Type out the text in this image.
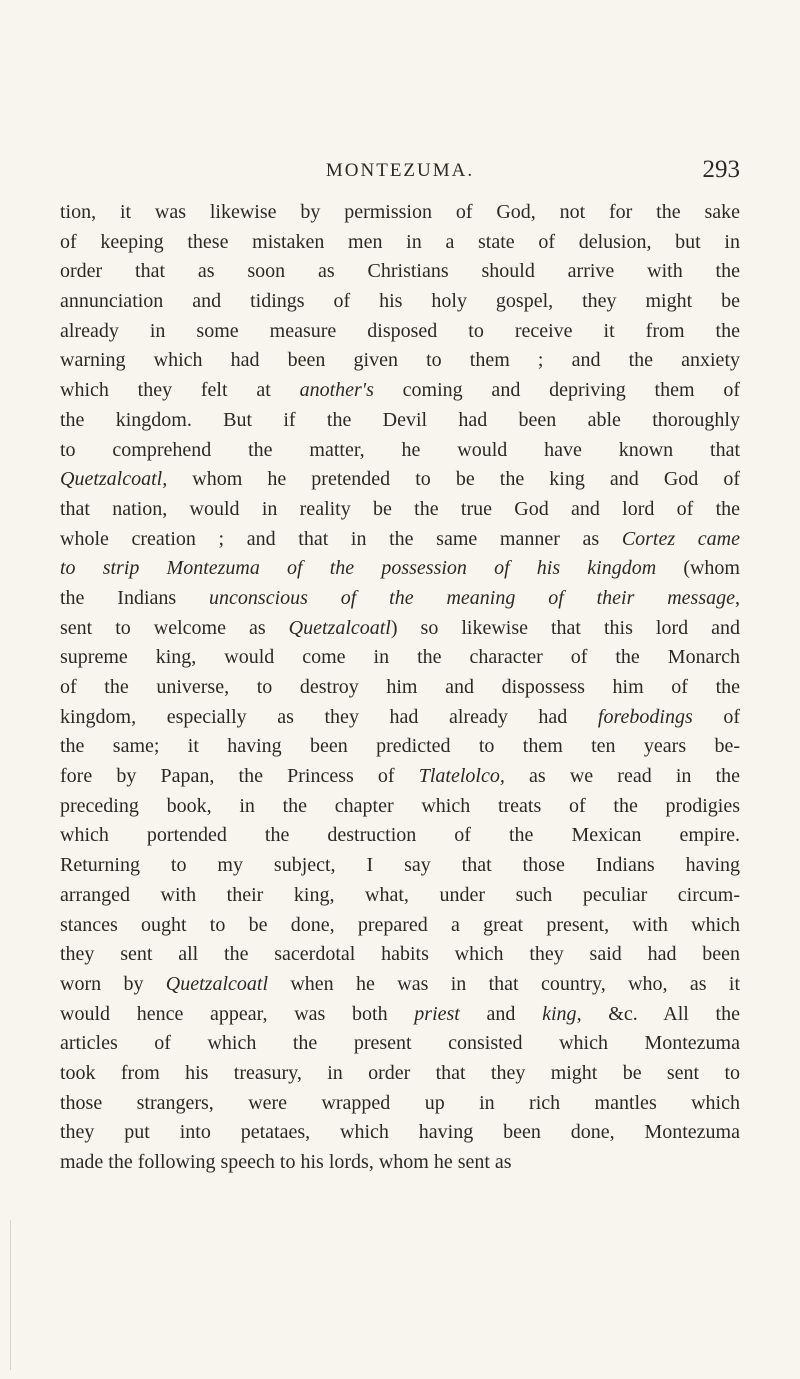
MONTEZUMA.	293
tion, it was likewise by permission of God, not for the sake
of keeping these mistaken men in a state of delusion, but in
order that as soon as Christians should arrive with the
annunciation and tidings of his holy gospel, they might be
already in some measure disposed to receive it from the
warning which had been given to them ; and the anxiety
which they felt at another's coming and depriving them of
the kingdom. But if the Devil had been able thoroughly
to comprehend the matter, he would have known that
Quetzalcoatl, whom he pretended to be the king and God of
that nation, would in reality be the true God and lord of the
whole creation ; and that in the same manner as Cortez came
to strip Montezuma of the possession of his kingdom (whom
the Indians unconscious of the meaning of their message,
sent to welcome as Quetzalcoatl) so likewise that this lord and
supreme king, would come in the character of the Monarch
of the universe, to destroy him and dispossess him of the
kingdom, especially as they had already had forebodings of
the same; it having been predicted to them ten years be-
fore by Papan, the Princess of Tlatelolco, as we read in the
preceding book, in the chapter which treats of the prodigies
which portended the destruction of the Mexican empire.
Returning to my subject, I say that those Indians having
arranged with their king, what, under such peculiar circum-
stances ought to be done, prepared a great present, with which
they sent all the sacerdotal habits which they said had been
worn by Quetzalcoatl when he was in that country, who, as it
would hence appear, was both priest and king, &c. All the
articles of which the present consisted which Montezuma
took from his treasury, in order that they might be sent to
those strangers, were wrapped up in rich mantles which
they put into petataes, which having been done, Montezuma
made the following speech to his lords, whom he sent as
